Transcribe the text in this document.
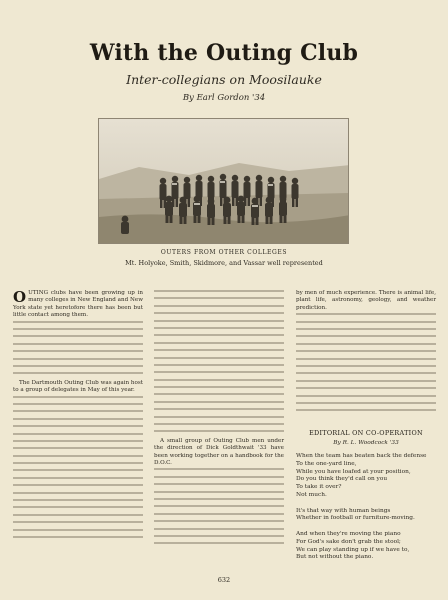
With the Outing Club
Inter-collegians on Moosilauke
By Earl Gordon '34
OUTERS FROM OTHER COLLEGES
Mt. Holyoke, Smith, Skidmore, and Vassar well represented
O UTING clubs have been growing up in many colleges in New England and New York state yet heretofore there has been but little contact among them.

The Dartmouth Outing Club was again host to a group of delegates in May of this year.

A small group of Outing Club men under the direction of Dick Goldthwait '33 have been working together on a handbook for the D.O.C.

by men of much experience. There is animal life, plant life, astronomy, geology, and weather prediction.

EDITORIAL ON CO-OPERATION
By R. L. Woodcock '33
When the team has beaten back the defense
To the one-yard line,
While you have loafed at your position,
Do you think they'd call on you
To take it over?
Not much.
It's that way with human beings
Whether in football or furniture-moving.
And when they're moving the piano
For God's sake don't grab the stool;
We can play standing up if we have to,
But not without the piano.
632
